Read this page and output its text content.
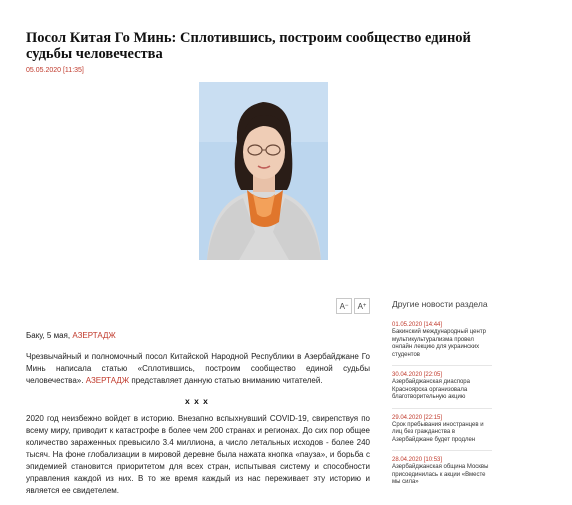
Посол Китая Го Минь: Сплотившись, построим сообщество единой судьбы человечества
05.05.2020 [11:35]
A − A +
Баку, 5 мая, АЗЕРТАДЖ

Чрезвычайный и полномочный посол Китайской Народной Республики в Азербайджане Го Минь написала статью «Сплотившись, построим сообщество единой судьбы человечества». АЗЕРТАДЖ представляет данную статью вниманию читателей.

x x x

2020 год неизбежно войдет в историю. Внезапно вспыхнувший COVID-19, свирепствуя по всему миру, приводит к катастрофе в более чем 200 странах и регионах. До сих пор общее количество зараженных превысило 3.4 миллиона, а число летальных исходов - более 240 тысяч. На фоне глобализации в мировой деревне была нажата кнопка «пауза», и борьба с эпидемией становится приоритетом для всех стран, испытывая систему и способности управления каждой из них. В то же время каждый из нас переживает эту историю и является ее свидетелем.

Другие новости раздела
01.05.2020 [14:44]
Бакинский международный центр мультикультурализма провел онлайн лекцию для украинских студентов
30.04.2020 [22:05]
Азербайджанская диаспора Красноярска организовала благотворительную акцию
29.04.2020 [22:15]
Срок пребывания иностранцев и лиц без гражданства в Азербайджане будет продлен
28.04.2020 [10:53]
Азербайджанская община Москвы присоединилась к акции «Вместе мы сила»
